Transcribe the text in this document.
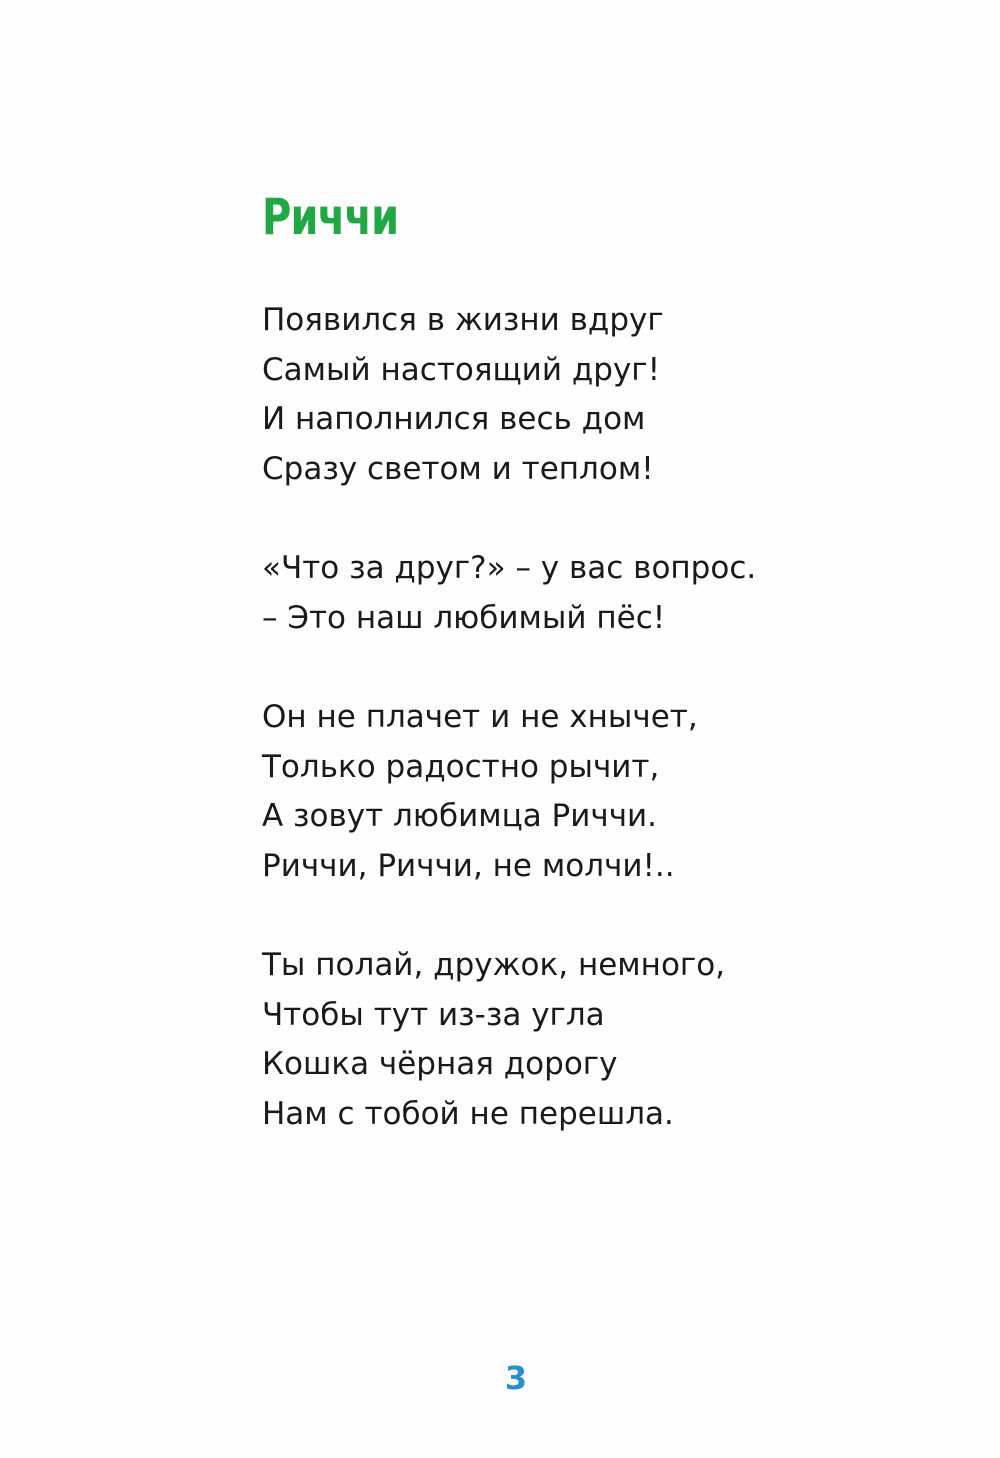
Риччи
Появился в жизни вдруг
Самый настоящий друг!
И наполнился весь дом
Сразу светом и теплом!
«Что за друг?» – у вас вопрос.
– Это наш любимый пёс!
Он не плачет и не хнычет,
Только радостно рычит,
А зовут любимца Риччи.
Риччи, Риччи, не молчи!..
Ты полай, дружок, немного,
Чтобы тут из-за угла
Кошка чёрная дорогу
Нам с тобой не перешла.
3
